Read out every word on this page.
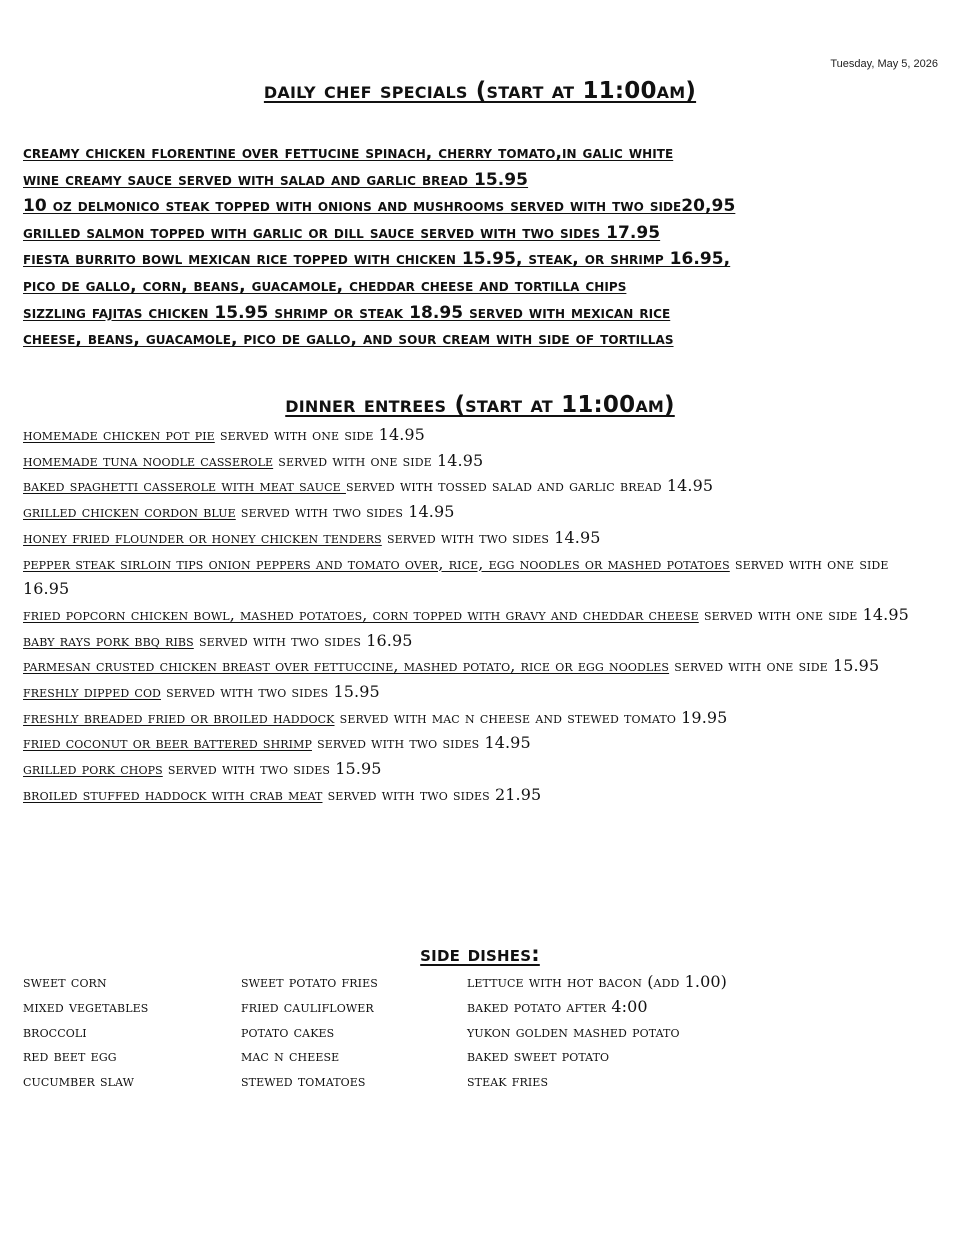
Tuesday, May 5, 2026
daily chef specials (start at 11:00am)
creamy chicken florentine over fettucine spinach, cherry tomato,in galic white
wine creamy sauce served with salad and garlic bread 15.95
10 oz delmonico steak topped with onions and mushrooms served with two side20,95
grilled salmon topped with garlic or dill sauce served with two sides 17.95
fiesta burrito bowl mexican rice topped with chicken 15.95, steak, or shrimp 16.95,
pico de gallo, corn, beans, guacamole, cheddar cheese and tortilla chips
sizzling fajitas chicken 15.95 shrimp or steak 18.95 served with mexican rice
cheese, beans, guacamole, pico de gallo, and sour cream with side of tortillas
dinner entrees (start at 11:00am)

homemade chicken pot pie served with one side 14.95

homemade tuna noodle casserole served with one side 14.95

baked spaghetti casserole with meat sauce served with tossed salad and garlic bread 14.95

grilled chicken cordon blue served with two sides 14.95

honey fried flounder or honey chicken tenders served with two sides 14.95

pepper steak sirloin tips onion peppers and tomato over, rice, egg noodles or mashed potatoes served with one side 16.95

fried popcorn chicken bowl, mashed potatoes, corn topped with gravy and cheddar cheese served with one side 14.95

baby rays pork bbq ribs served with two sides 16.95

parmesan crusted chicken breast over fettuccine, mashed potato, rice or egg noodles served with one side 15.95

freshly dipped cod served with two sides 15.95

freshly breaded fried or broiled haddock served with mac n cheese and stewed tomato 19.95

fried coconut or beer battered shrimp served with two sides 14.95

grilled pork chops served with two sides 15.95

broiled stuffed haddock with crab meat served with two sides 21.95

side dishes:
sweet corn	sweet potato fries	lettuce with hot bacon (add 1.00)
mixed vegetables	fried cauliflower	baked potato after 4:00
broccoli	potato cakes	yukon golden mashed potato
red beet egg	mac n cheese	baked sweet potato
cucumber slaw	stewed tomatoes	steak fries
